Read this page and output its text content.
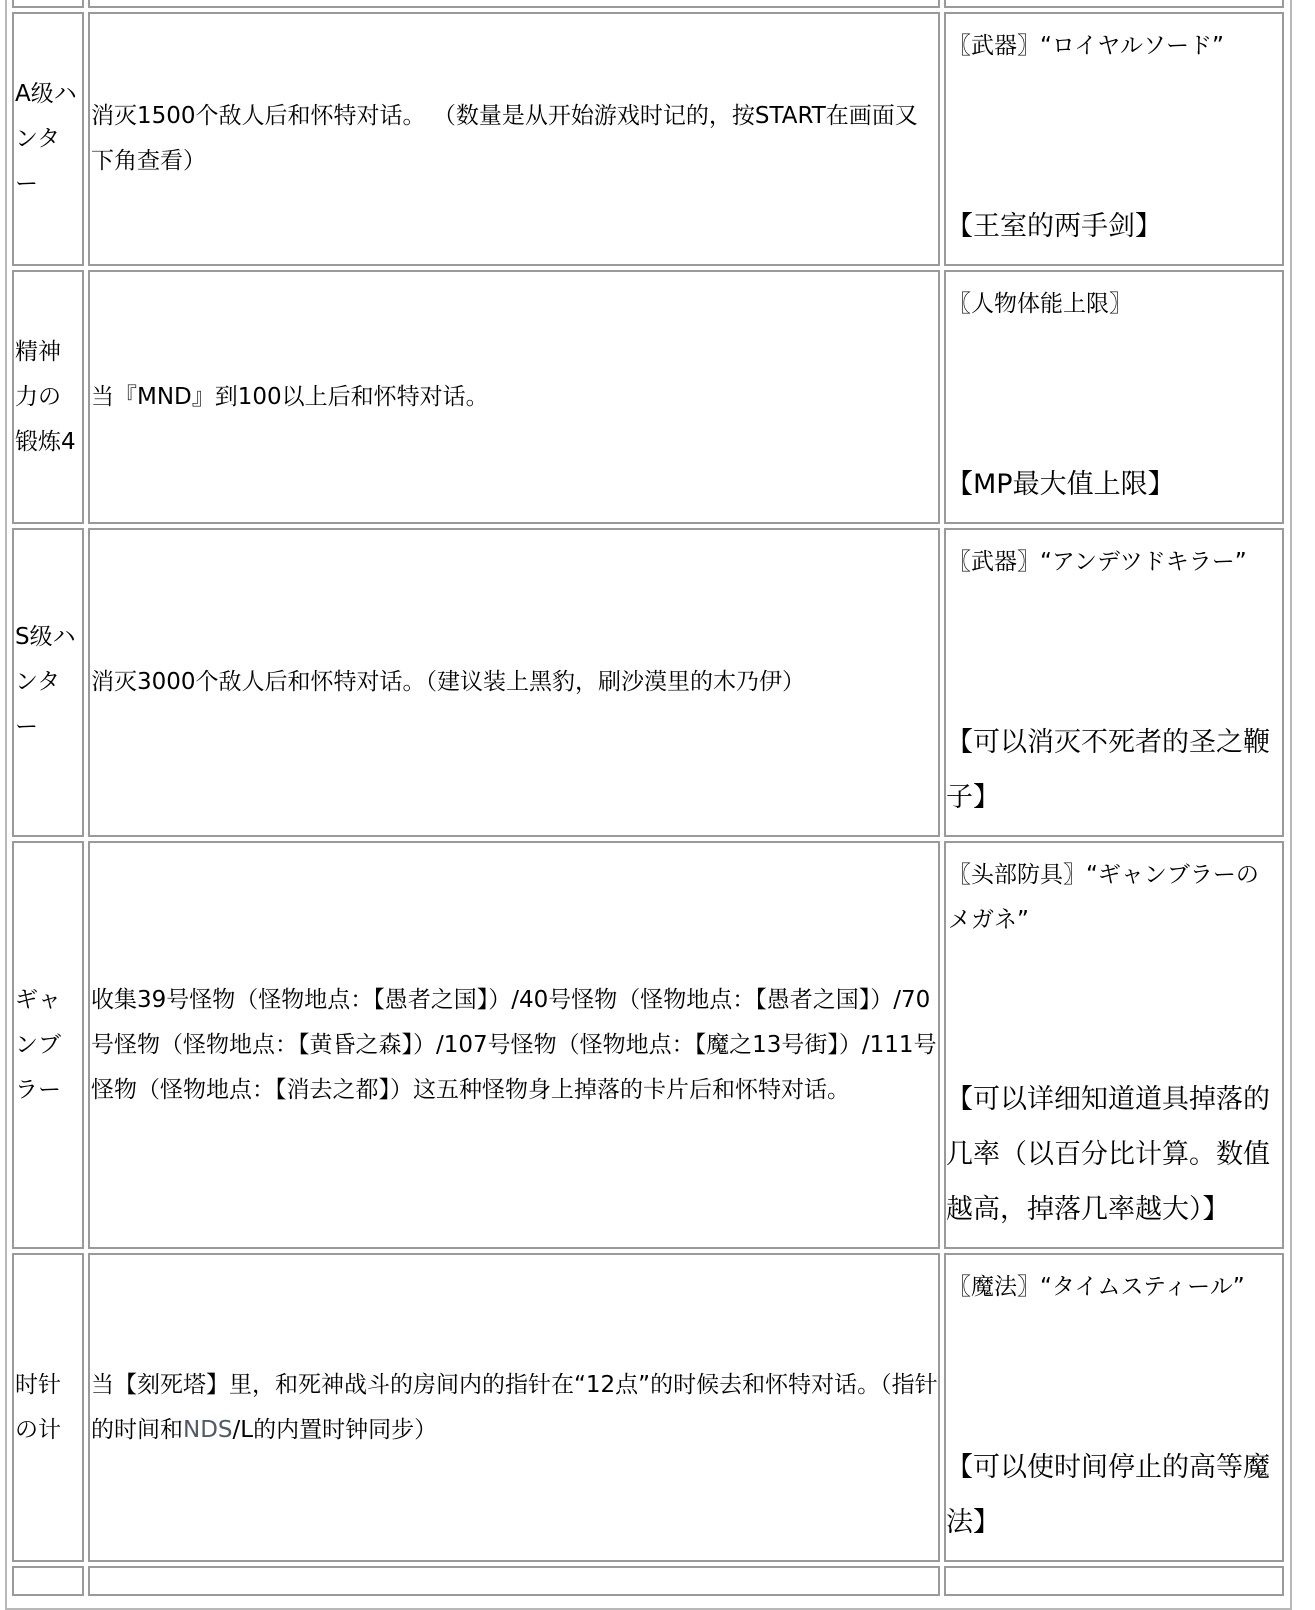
A级ハンター	消灭1500个敌人后和怀特对话。 （数量是从开始游戏时记的，按START在画面又下角查看）	〖武器〗“ロイヤルソード”
【王室的两手剑】

精神力の锻炼4	当『MND』到100以上后和怀特对话。	〖人物体能上限〗
【MP最大值上限】

S级ハンター	消灭3000个敌人后和怀特对话。（建议装上黑豹，刷沙漠里的木乃伊）	〖武器〗“アンデツドキラー”
【可以消灭不死者的圣之鞭子】

ギャンブラー	收集39号怪物（怪物地点：【愚者之国】）/40号怪物（怪物地点：【愚者之国】）/70号怪物（怪物地点：【黄昏之森】）/107号怪物（怪物地点：【魔之13号街】）/111号怪物（怪物地点：【消去之都】）这五种怪物身上掉落的卡片后和怀特对话。	〖头部防具〗“ギャンブラーのメガネ”
【可以详细知道道具掉落的几率（以百分比计算。数值越高，掉落几率越大）】

时针の计	当【刻死塔】里，和死神战斗的房间内的指针在“12点”的时候去和怀特对话。（指针的时间和NDS/L的内置时钟同步）	〖魔法〗“タイムスティール”
【可以使时间停止的高等魔法】
